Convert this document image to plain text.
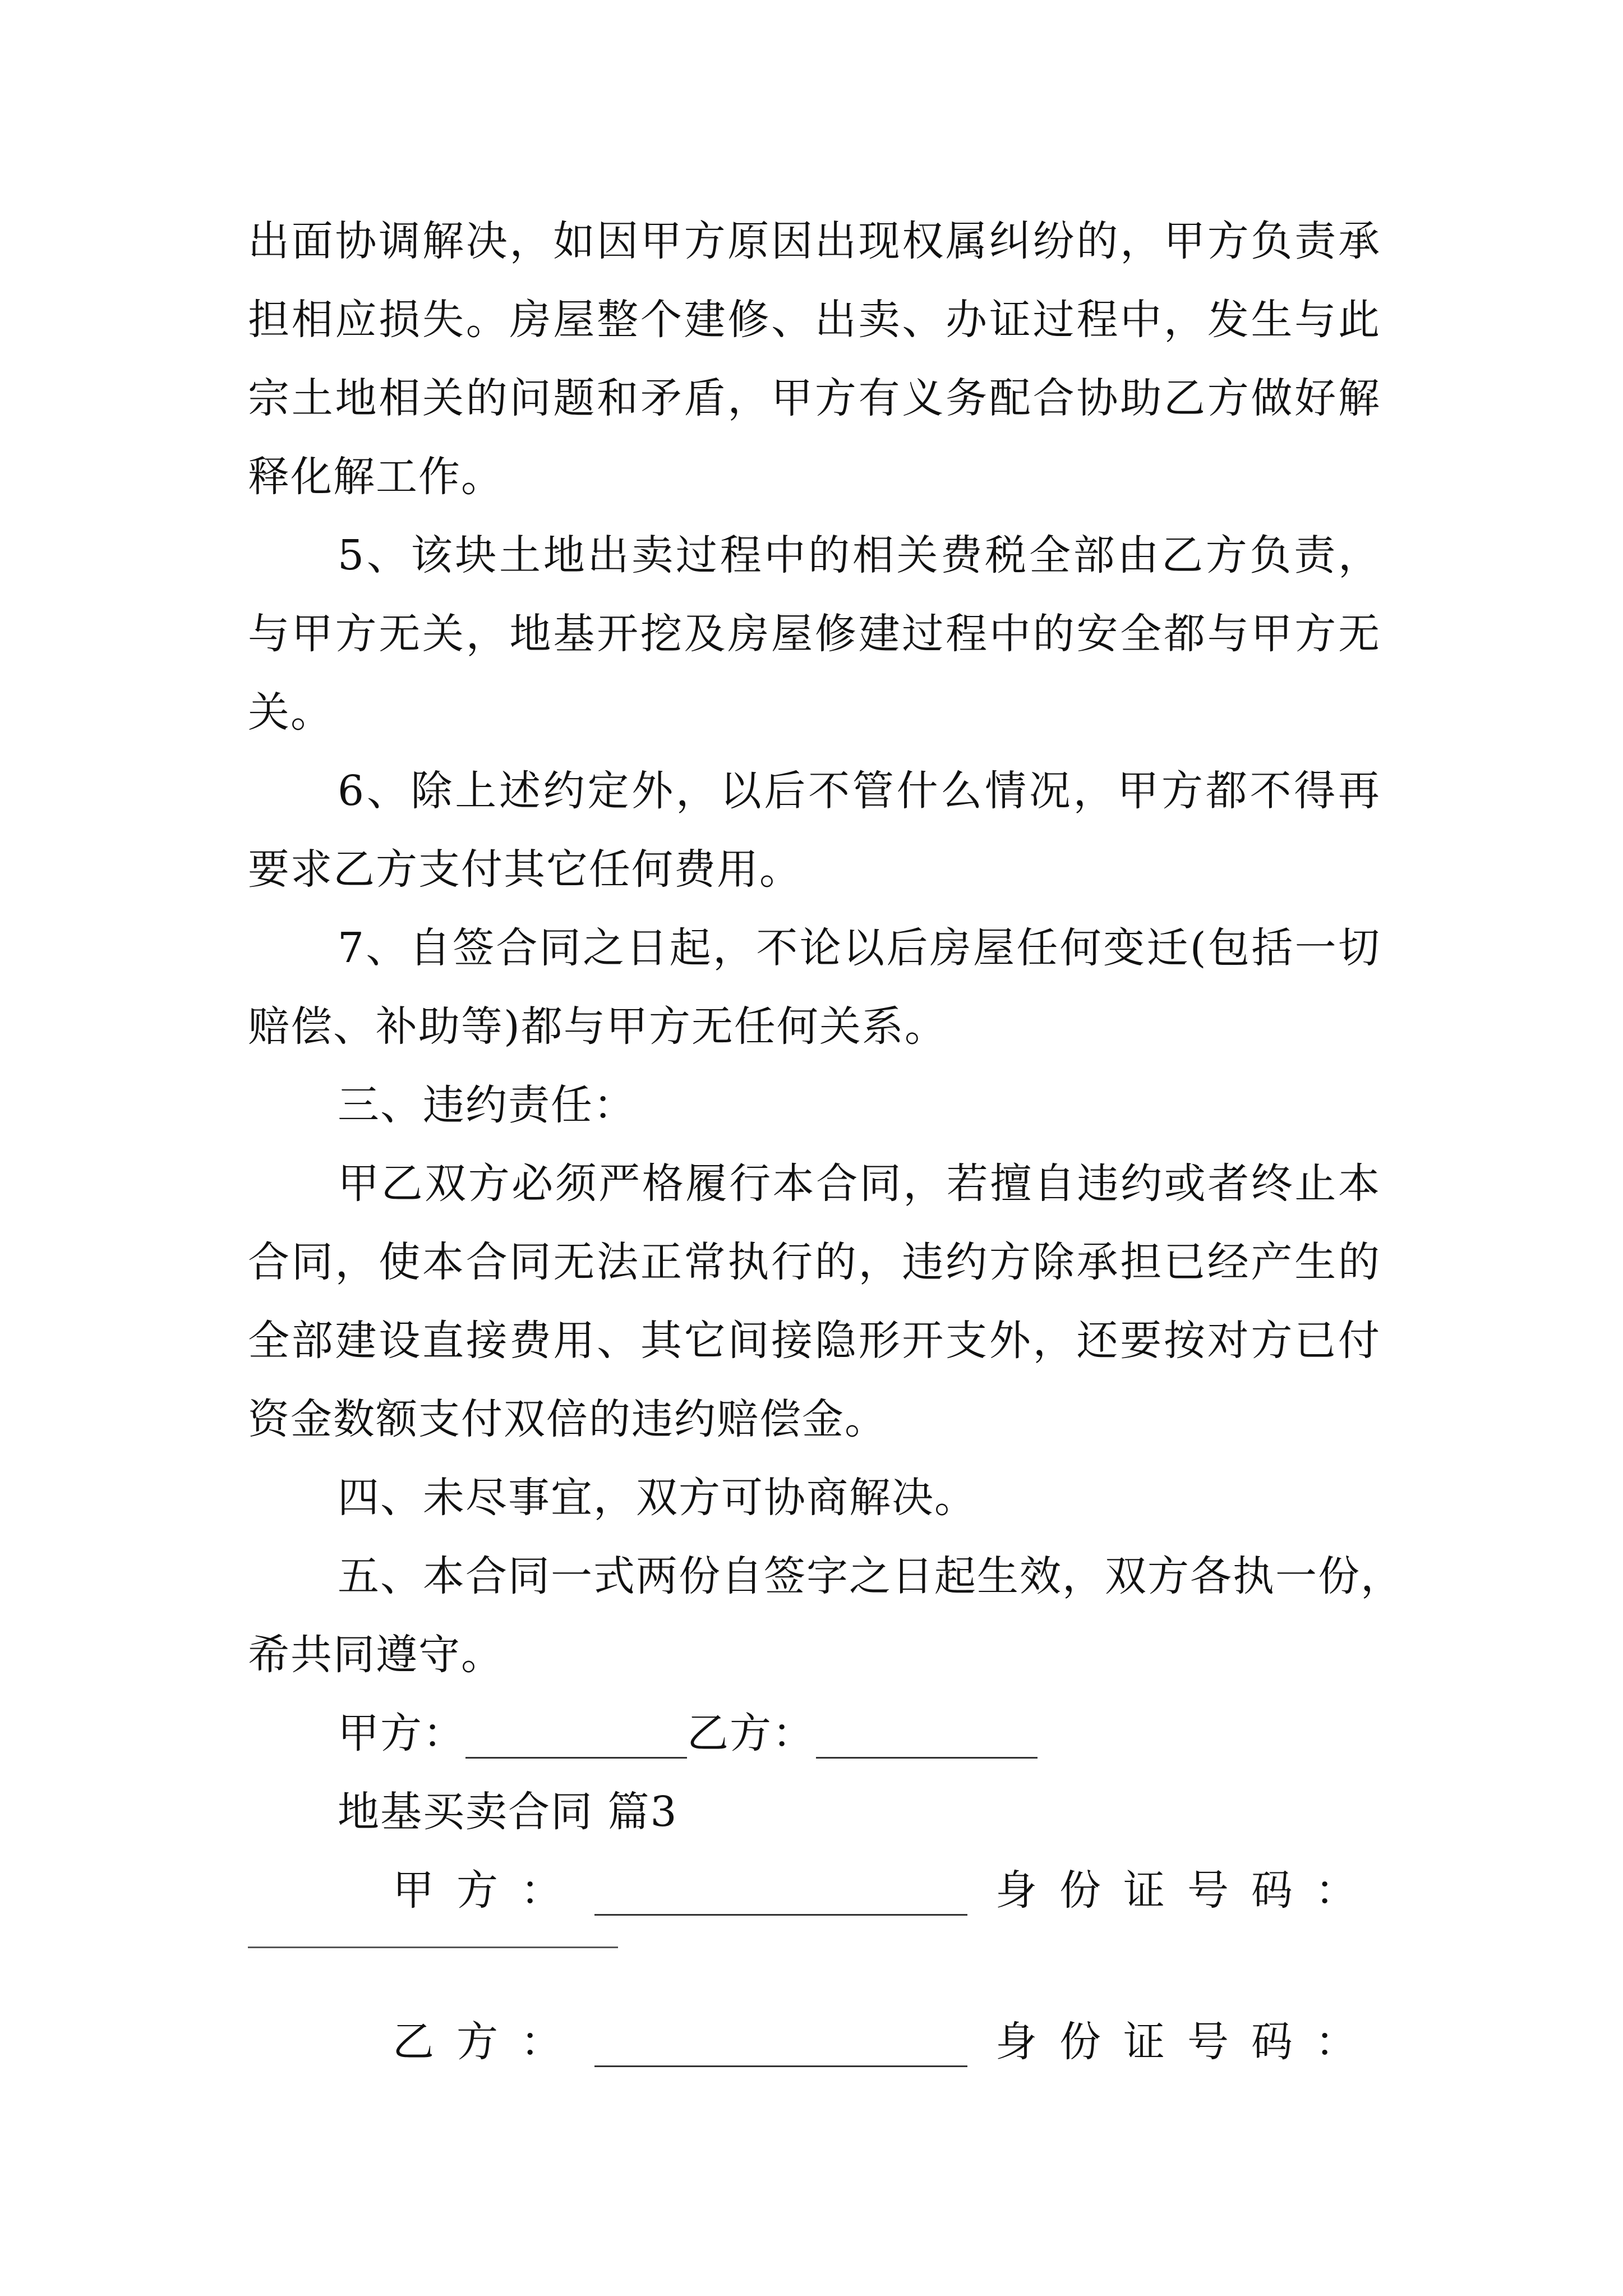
出面协调解决，如因甲方原因出现权属纠纷的，甲方负责承
担相应损失。房屋整个建修、出卖、办证过程中，发生与此
宗土地相关的问题和矛盾，甲方有义务配合协助乙方做好解
释化解工作。
5、该块土地出卖过程中的相关费税全部由乙方负责，
与甲方无关，地基开挖及房屋修建过程中的安全都与甲方无
关。
6、除上述约定外，以后不管什么情况，甲方都不得再
要求乙方支付其它任何费用。
7、自签合同之日起，不论以后房屋任何变迁(包括一切
赔偿、补助等)都与甲方无任何关系。
三、违约责任：
甲乙双方必须严格履行本合同，若擅自违约或者终止本
合同，使本合同无法正常执行的，违约方除承担已经产生的
全部建设直接费用、其它间接隐形开支外，还要按对方已付
资金数额支付双倍的违约赔偿金。
四、未尽事宜，双方可协商解决。
五、本合同一式两份自签字之日起生效，双方各执一份，
希共同遵守。
甲方：	乙方：
地基买卖合同 篇3
甲方：	身份证号码：
乙方：	身份证号码：
